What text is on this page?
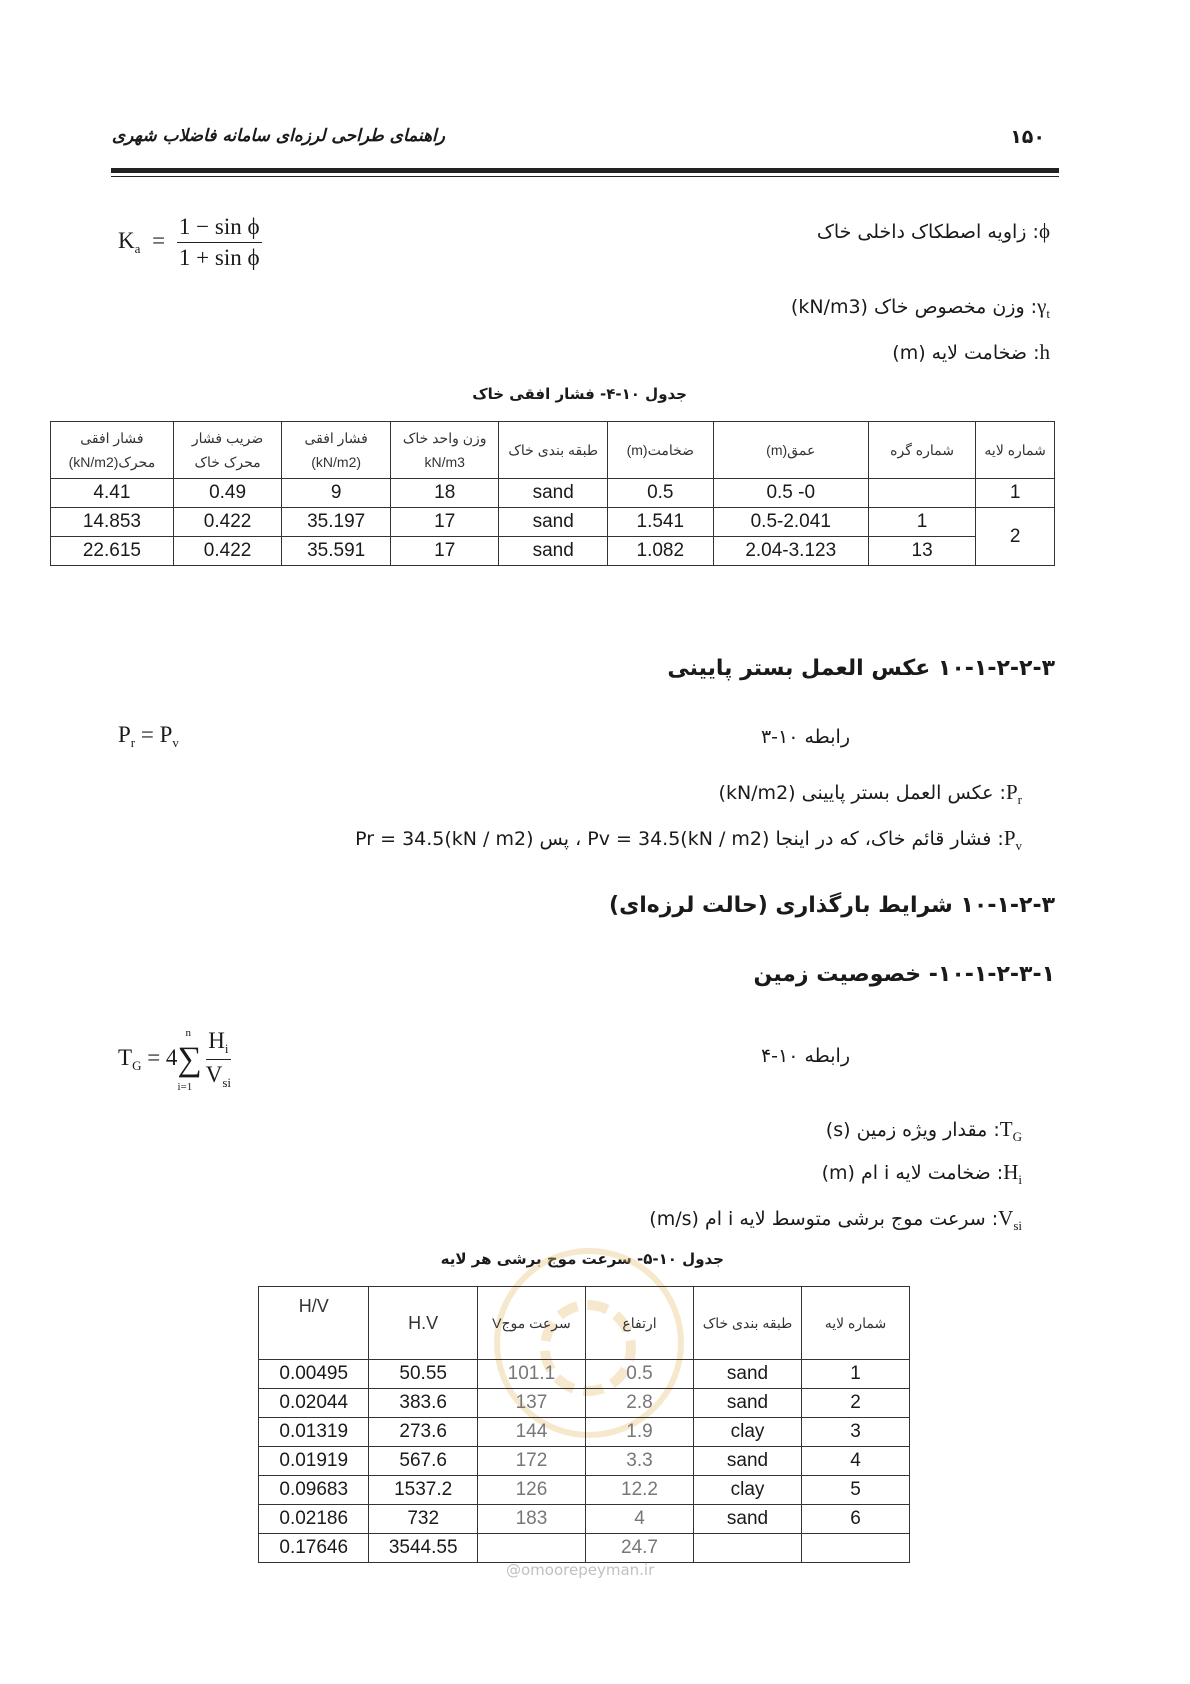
راهنمای طراحی لرزه‌ای سامانه فاضلاب شهری	۱۵۰
$K_a = \frac{\text{1 − sin ϕ}}{\text{1 + sin ϕ}}$	ϕ: زاویه اصطکاک داخلی خاک
$\gamma_t$: وزن مخصوص خاک (kN/m3)
h: ضخامت لایه (m)
جدول ۱۰-۴- فشار افقی خاک
شماره لایه	شماره گره	عمق(m)	ضخامت(m)	طبقه بندی خاک	وزن واحد خاک kN/m3	فشار افقی (kN/m2)	ضریب فشار محرک خاک	فشار افقی محرک(kN/m2)
1		0- 0.5	0.5	sand	18	9	0.49	4.41
2	1	0.5-2.041	1.541	sand	17	35.197	0.422	14.853
	13	2.04-3.123	1.082	sand	17	35.591	0.422	22.615
۱۰-۱-۲-۲-۳ عکس العمل بستر پایینی
$P_r = P_v$	رابطه ۱۰-۳
$P_r$: عکس العمل بستر پایینی (kN/m2)
$P_v$: فشار قائم خاک، که در اینجا (Pv = 34.5(kN / m2 ، پس (Pr = 34.5(kN / m2
۱۰-۱-۲-۳ شرایط بارگذاری (حالت لرزه‌ای)
۱۰-۱-۲-۳-۱- خصوصیت زمین
$T_G = 4\sum$
n
$i=1 \frac{H_i}{V_{si}}$	رابطه ۱۰-۴
$T_G$: مقدار ویژه زمین (s)
$H_i$: ضخامت لایه i ام (m)
$V_{si}$: سرعت موج برشی متوسط لایه i ام (m/s)
جدول ۱۰-۵- سرعت موج برشی هر لایه
شماره لایه	طبقه بندی خاک	ارتفاع	سرعت موجV	H.V	H/V
1	sand	0.5	101.1	50.55	0.00495
2	sand	2.8	137	383.6	0.02044
3	clay	1.9	144	273.6	0.01319
4	sand	3.3	172	567.6	0.01919
5	clay	12.2	126	1537.2	0.09683
6	sand	4	183	732	0.02186
		24.7		3544.55	0.17646
@omoorepeyman.ir
